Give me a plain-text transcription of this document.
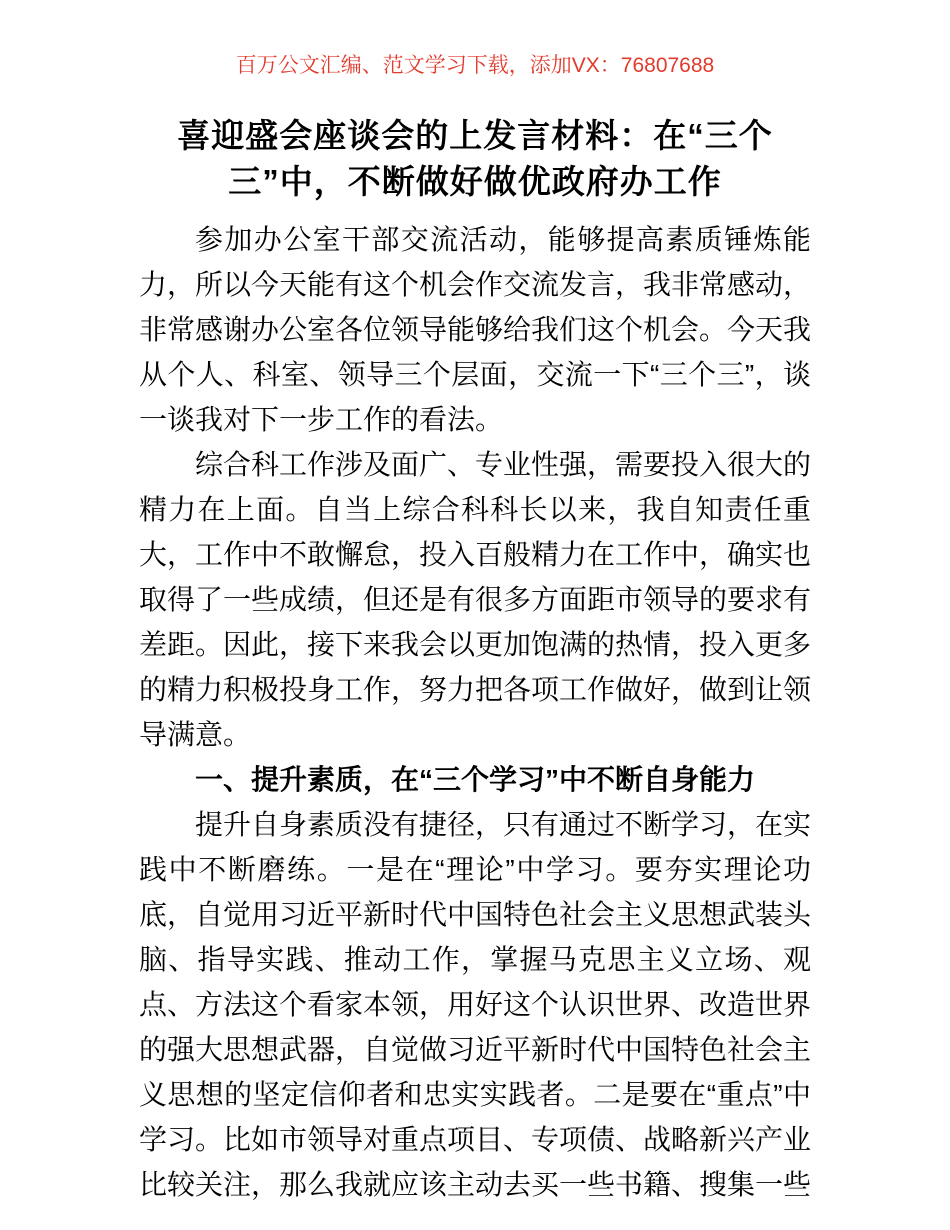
百万公文汇编、范文学习下载，添加VX：76807688
喜迎盛会座谈会的上发言材料：在“三个
三”中，不断做好做优政府办工作

参加办公室干部交流活动，能够提高素质锤炼能力，所以今天能有这个机会作交流发言，我非常感动，非常感谢办公室各位领导能够给我们这个机会。今天我从个人、科室、领导三个层面，交流一下“三个三”，谈一谈我对下一步工作的看法。

综合科工作涉及面广、专业性强，需要投入很大的精力在上面。自当上综合科科长以来，我自知责任重大，工作中不敢懈怠，投入百般精力在工作中，确实也取得了一些成绩，但还是有很多方面距市领导的要求有差距。因此，接下来我会以更加饱满的热情，投入更多的精力积极投身工作，努力把各项工作做好，做到让领导满意。

一、提升素质，在“三个学习”中不断自身能力

提升自身素质没有捷径，只有通过不断学习，在实践中不断磨练。一是在“理论”中学习。要夯实理论功底，自觉用习近平新时代中国特色社会主义思想武装头脑、指导实践、推动工作，掌握马克思主义立场、观点、方法这个看家本领，用好这个认识世界、改造世界的强大思想武器，自觉做习近平新时代中国特色社会主义思想的坚定信仰者和忠实实践者。二是要在“重点”中学习。比如市领导对重点项目、专项债、战略新兴产业比较关注，那么我就应该主动去买一些书籍、搜集一些
